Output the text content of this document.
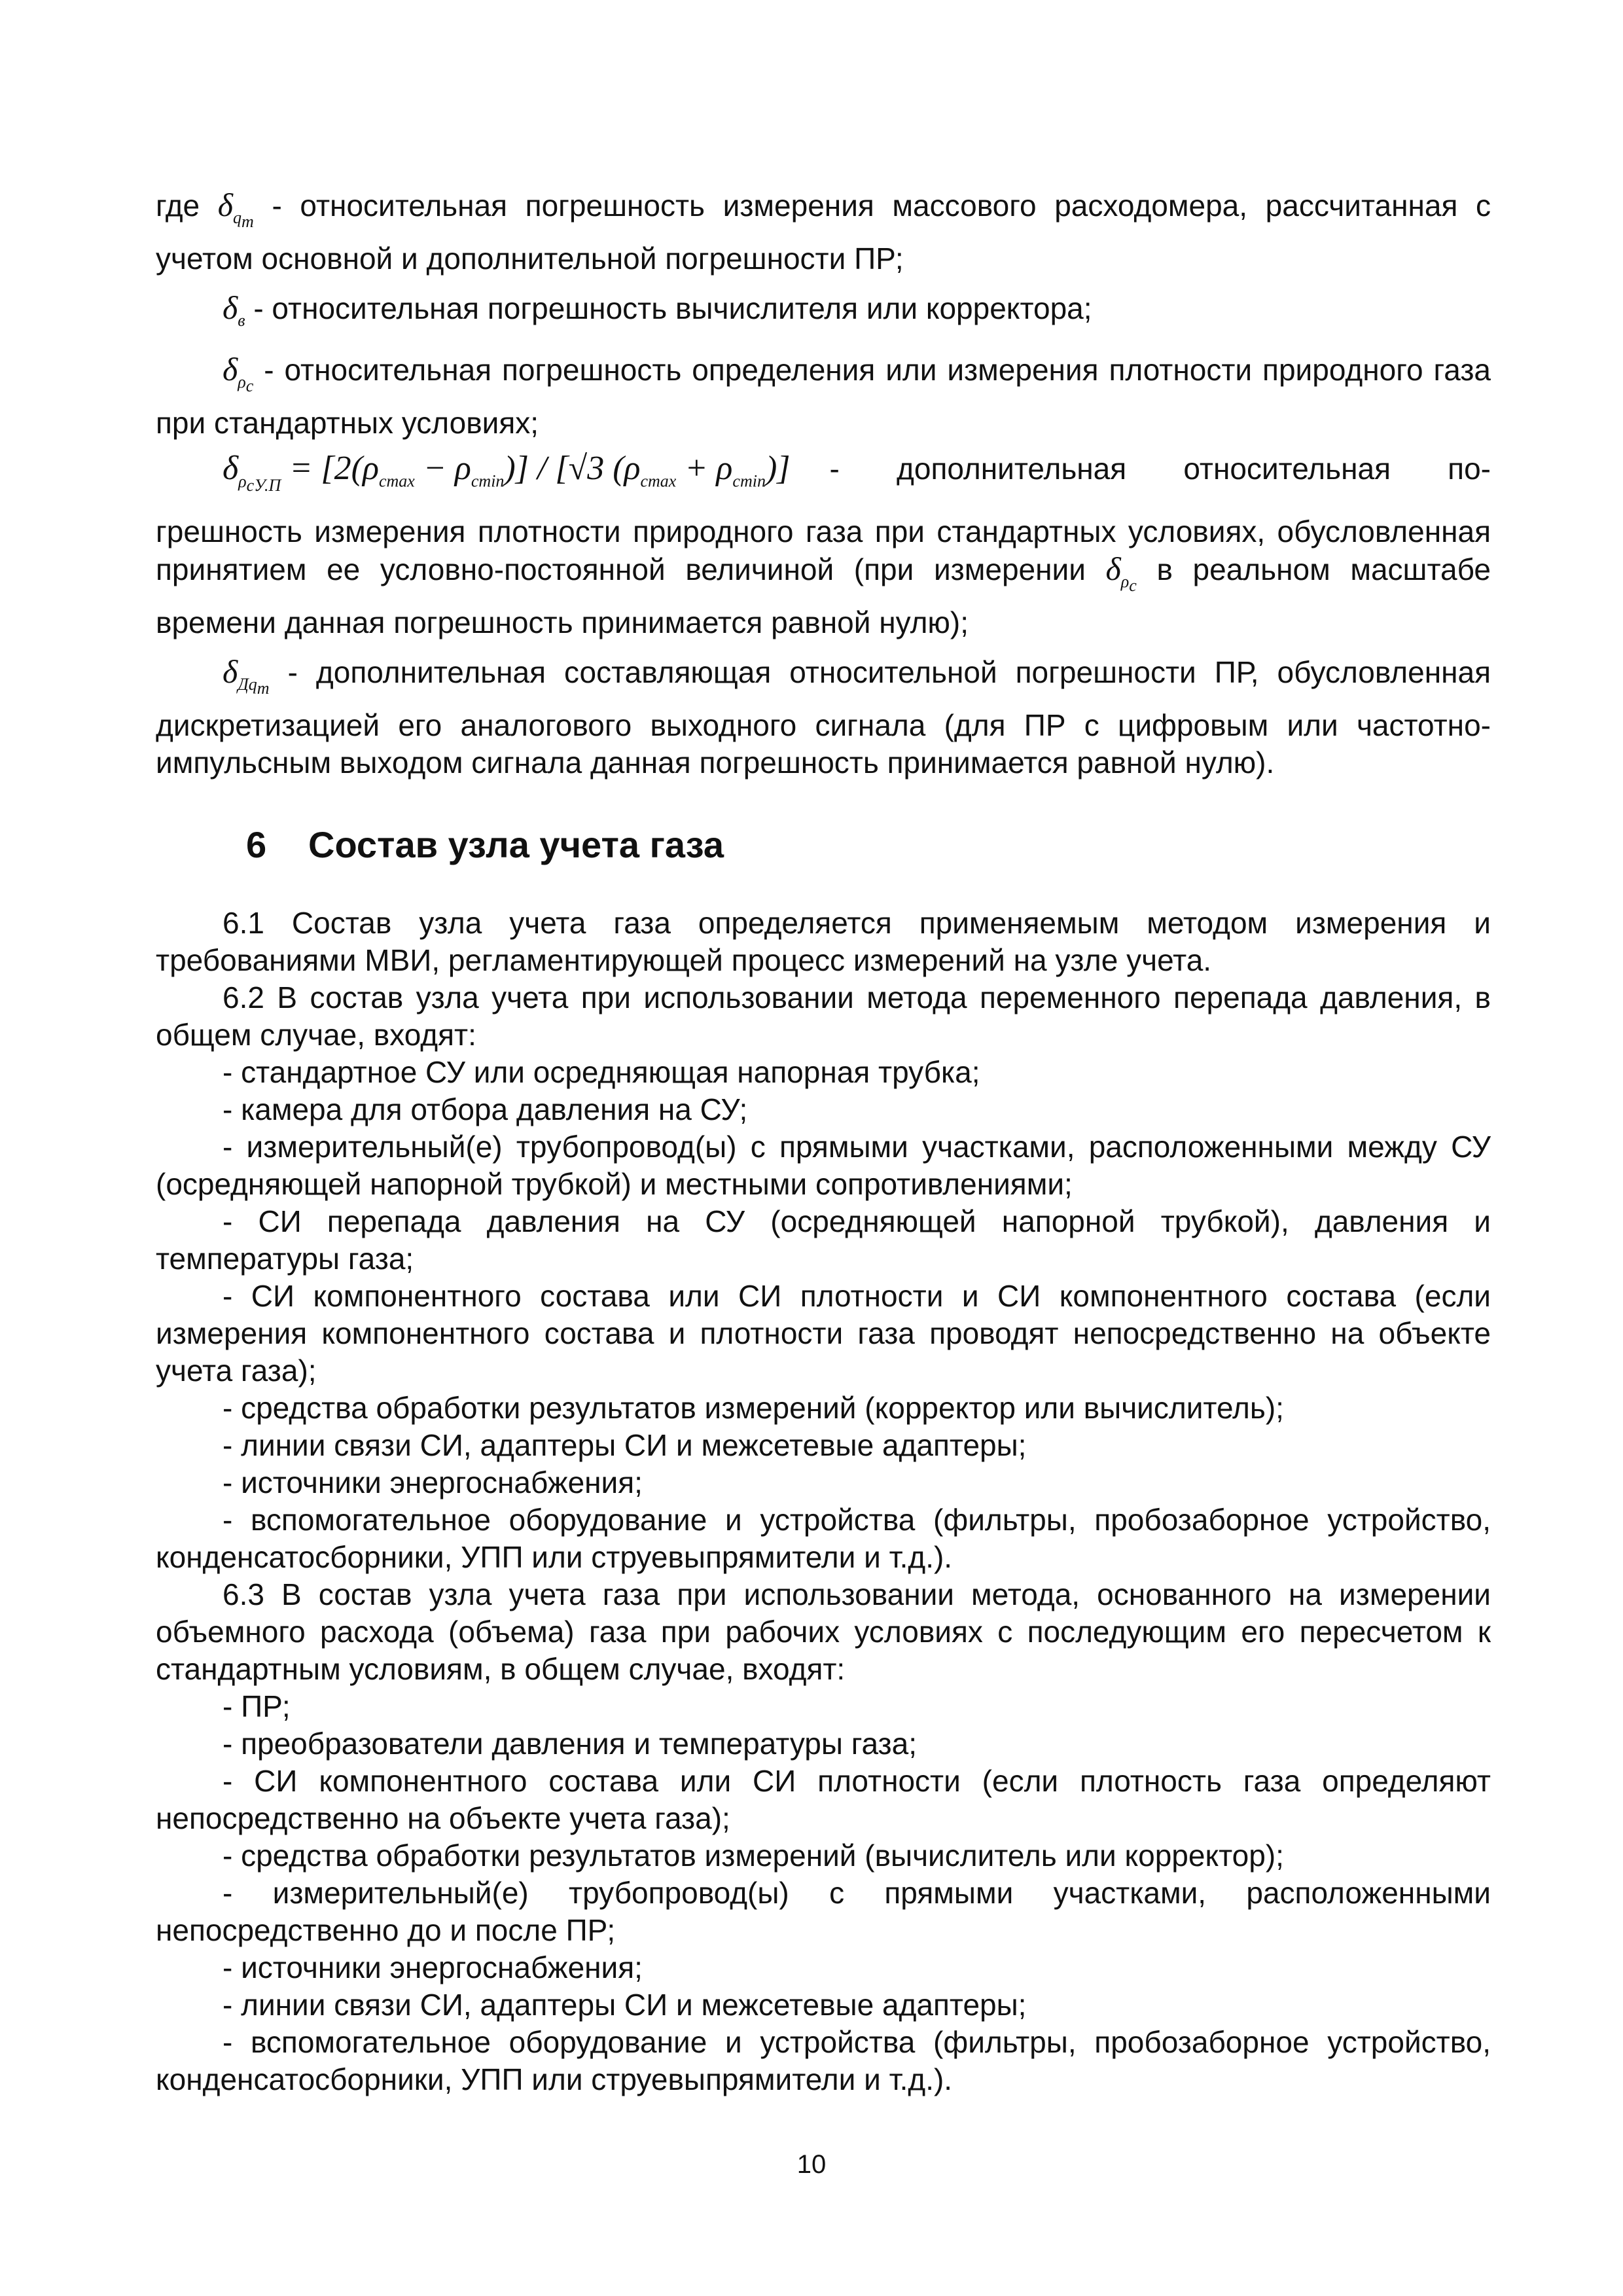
где $\delta_{q_т}$ - относительная погрешность измерения массового расходомера, рассчитанная с учетом основной и дополнительной погрешности ПР;

$\delta_в$ - относительная погрешность вычислителя или корректора;

$\delta_{\rho_с}$ - относительная погрешность определения или измерения плотности природного газа при стандартных условиях;

$\delta_{\rho_{сУ.П}} = [2(\rho_{cmax} - \rho_{cmin})] / [√3$ $(\rho_{cmax} + \rho_{cmin})$] - дополнительная относительная по-

грешность измерения плотности природного газа при стандартных условиях, обусловленная принятием ее условно-постоянной величиной (при измерении $\delta_{\rho_с}$ в реальном масштабе времени данная погрешность принимается равной нулю);

$\delta_{Дq_т}$ - дополнительная составляющая относительной погрешности ПР, обусловленная дискретизацией его аналогового выходного сигнала (для ПР с цифровым или частотно-импульсным выходом сигнала данная погрешность принимается равной нулю).

6 Состав узла учета газа

6.1 Состав узла учета газа определяется применяемым методом измерения и требованиями МВИ, регламентирующей процесс измерений на узле учета.

6.2 В состав узла учета при использовании метода переменного перепада давления, в общем случае, входят:

- стандартное СУ или осредняющая напорная трубка;

- камера для отбора давления на СУ;

- измерительный(е) трубопровод(ы) с прямыми участками, расположенными между СУ (осредняющей напорной трубкой) и местными сопротивлениями;

- СИ перепада давления на СУ (осредняющей напорной трубкой), давления и температуры газа;

- СИ компонентного состава или СИ плотности и СИ компонентного состава (если измерения компонентного состава и плотности газа проводят непосредственно на объекте учета газа);

- средства обработки результатов измерений (корректор или вычислитель);

- линии связи СИ, адаптеры СИ и межсетевые адаптеры;

- источники энергоснабжения;

- вспомогательное оборудование и устройства (фильтры, пробозаборное устройство, конденсатосборники, УПП или струевыпрямители и т.д.).

6.3 В состав узла учета газа при использовании метода, основанного на измерении объемного расхода (объема) газа при рабочих условиях с последующим его пересчетом к стандартным условиям, в общем случае, входят:

- ПР;

- преобразователи давления и температуры газа;

- СИ компонентного состава или СИ плотности (если плотность газа определяют непосредственно на объекте учета газа);

- средства обработки результатов измерений (вычислитель или корректор);

- измерительный(е) трубопровод(ы) с прямыми участками, расположенными непосредственно до и после ПР;

- источники энергоснабжения;

- линии связи СИ, адаптеры СИ и межсетевые адаптеры;

- вспомогательное оборудование и устройства (фильтры, пробозаборное устройство, конденсатосборники, УПП или струевыпрямители и т.д.).

10
